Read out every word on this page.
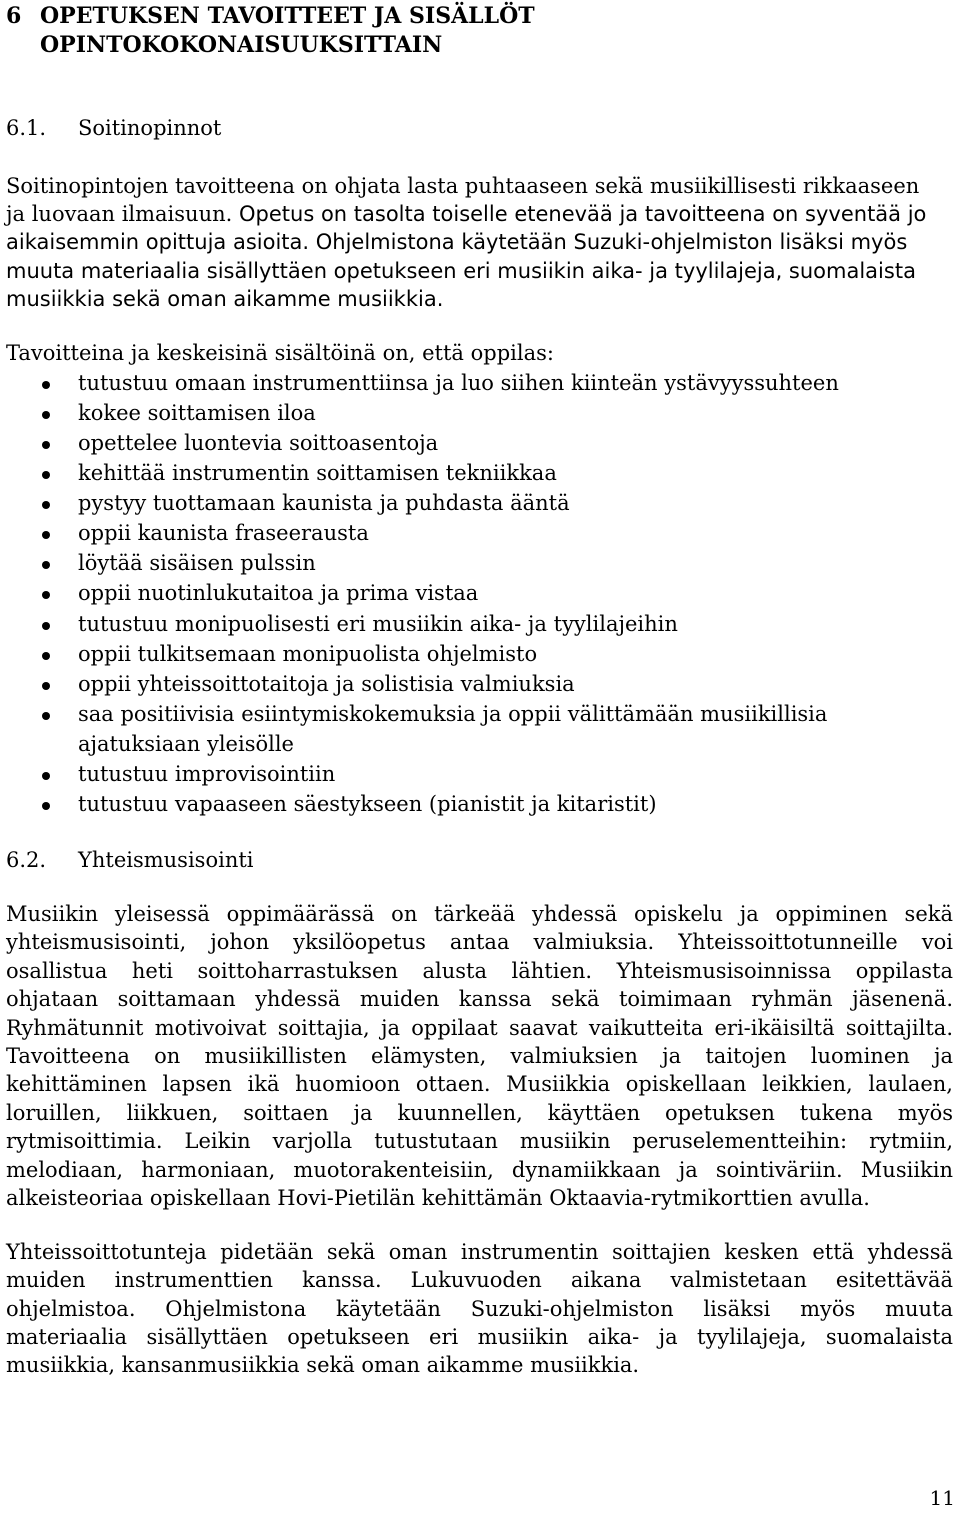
6 OPETUKSEN TAVOITTEET JA SISÄLLÖT
OPINTOKOKONAISUUKSITTAIN
6.1. Soitinopinnot
Soitinopintojen tavoitteena on ohjata lasta puhtaaseen sekä musiikillisesti rikkaaseen
ja luovaan ilmaisuun. Opetus on tasolta toiselle etenevää ja tavoitteena on syventää jo
aikaisemmin opittuja asioita. Ohjelmistona käytetään Suzuki-ohjelmiston lisäksi myös
muuta materiaalia sisällyttäen opetukseen eri musiikin aika- ja tyylilajeja, suomalaista
musiikkia sekä oman aikamme musiikkia.
Tavoitteina ja keskeisinä sisältöinä on, että oppilas:
tutustuu omaan instrumenttiinsa ja luo siihen kiinteän ystävyyssuhteen
kokee soittamisen iloa
opettelee luontevia soittoasentoja
kehittää instrumentin soittamisen tekniikkaa
pystyy tuottamaan kaunista ja puhdasta ääntä
oppii kaunista fraseerausta
löytää sisäisen pulssin
oppii nuotinlukutaitoa ja prima vistaa
tutustuu monipuolisesti eri musiikin aika- ja tyylilajeihin
oppii tulkitsemaan monipuolista ohjelmisto
oppii yhteissoittotaitoja ja solistisia valmiuksia
saa positiivisia esiintymiskokemuksia ja oppii välittämään musiikillisia
ajatuksiaan yleisölle
tutustuu improvisointiin
tutustuu vapaaseen säestykseen (pianistit ja kitaristit)
6.2. Yhteismusisointi
Musiikin yleisessä oppimäärässä on tärkeää yhdessä opiskelu ja oppiminen sekä
yhteismusisointi, johon yksilöopetus antaa valmiuksia. Yhteissoittotunneille voi
osallistua heti soittoharrastuksen alusta lähtien. Yhteismusisoinnissa oppilasta
ohjataan soittamaan yhdessä muiden kanssa sekä toimimaan ryhmän jäsenenä.
Ryhmätunnit motivoivat soittajia, ja oppilaat saavat vaikutteita eri-ikäisiltä soittajilta.
Tavoitteena on musiikillisten elämysten, valmiuksien ja taitojen luominen ja
kehittäminen lapsen ikä huomioon ottaen. Musiikkia opiskellaan leikkien, laulaen,
loruillen, liikkuen, soittaen ja kuunnellen, käyttäen opetuksen tukena myös
rytmisoittimia. Leikin varjolla tutustutaan musiikin peruselementteihin: rytmiin,
melodiaan, harmoniaan, muotorakenteisiin, dynamiikkaan ja sointiväriin. Musiikin
alkeisteoriaa opiskellaan Hovi-Pietilän kehittämän Oktaavia-rytmikorttien avulla.
Yhteissoittotunteja pidetään sekä oman instrumentin soittajien kesken että yhdessä
muiden instrumenttien kanssa. Lukuvuoden aikana valmistetaan esitettävää
ohjelmistoa. Ohjelmistona käytetään Suzuki-ohjelmiston lisäksi myös muuta
materiaalia sisällyttäen opetukseen eri musiikin aika- ja tyylilajeja, suomalaista
musiikkia, kansanmusiikkia sekä oman aikamme musiikkia.
11
